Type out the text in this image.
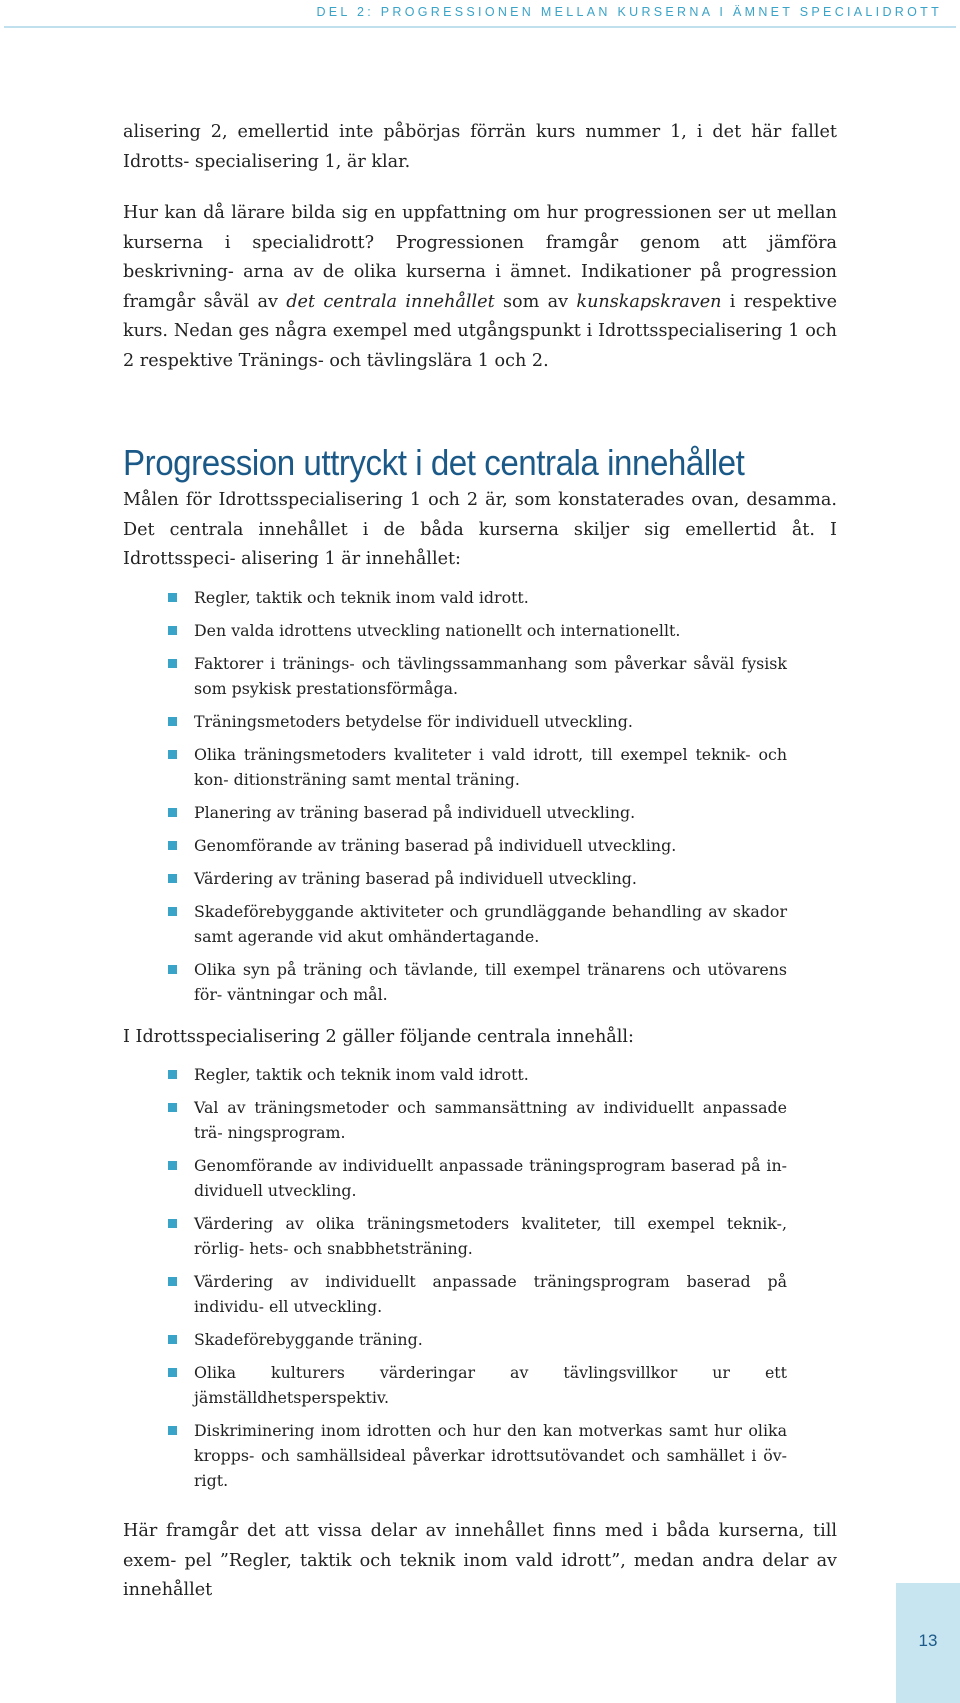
DEL 2: PROGRESSIONEN MELLAN KURSERNA I ÄMNET SPECIALIDROTT

alisering 2, emellertid inte påbörjas förrän kurs nummer 1, i det här fallet Idrotts- specialisering 1, är klar.

Hur kan då lärare bilda sig en uppfattning om hur progressionen ser ut mellan kurserna i specialidrott? Progressionen framgår genom att jämföra beskrivning- arna av de olika kurserna i ämnet. Indikationer på progression framgår såväl av det centrala innehållet som av kunskapskraven i respektive kurs. Nedan ges några exempel med utgångspunkt i Idrottsspecialisering 1 och 2 respektive Tränings- och tävlingslära 1 och 2.

Progression uttryckt i det centrala innehållet

Målen för Idrottsspecialisering 1 och 2 är, som konstaterades ovan, desamma. Det centrala innehållet i de båda kurserna skiljer sig emellertid åt. I Idrottsspeci- alisering 1 är innehållet:

Regler, taktik och teknik inom vald idrott.
Den valda idrottens utveckling nationellt och internationellt.
Faktorer i tränings- och tävlingssammanhang som påverkar såväl fysisk som psykisk prestationsförmåga.
Träningsmetoders betydelse för individuell utveckling.
Olika träningsmetoders kvaliteter i vald idrott, till exempel teknik- och kon- ditionsträning samt mental träning.
Planering av träning baserad på individuell utveckling.
Genomförande av träning baserad på individuell utveckling.
Värdering av träning baserad på individuell utveckling.
Skadeförebyggande aktiviteter och grundläggande behandling av skador samt agerande vid akut omhändertagande.
Olika syn på träning och tävlande, till exempel tränarens och utövarens för- väntningar och mål.

I Idrottsspecialisering 2 gäller följande centrala innehåll:

Regler, taktik och teknik inom vald idrott.
Val av träningsmetoder och sammansättning av individuellt anpassade trä- ningsprogram.
Genomförande av individuellt anpassade träningsprogram baserad på in- dividuell utveckling.
Värdering av olika träningsmetoders kvaliteter, till exempel teknik-, rörlig- hets- och snabbhetsträning.
Värdering av individuellt anpassade träningsprogram baserad på individu- ell utveckling.
Skadeförebyggande träning.
Olika kulturers värderingar av tävlingsvillkor ur ett jämställdhetsperspektiv.
Diskriminering inom idrotten och hur den kan motverkas samt hur olika kropps- och samhällsideal påverkar idrottsutövandet och samhället i öv- rigt.

Här framgår det att vissa delar av innehållet finns med i båda kurserna, till exem- pel ”Regler, taktik och teknik inom vald idrott”, medan andra delar av innehållet

13
